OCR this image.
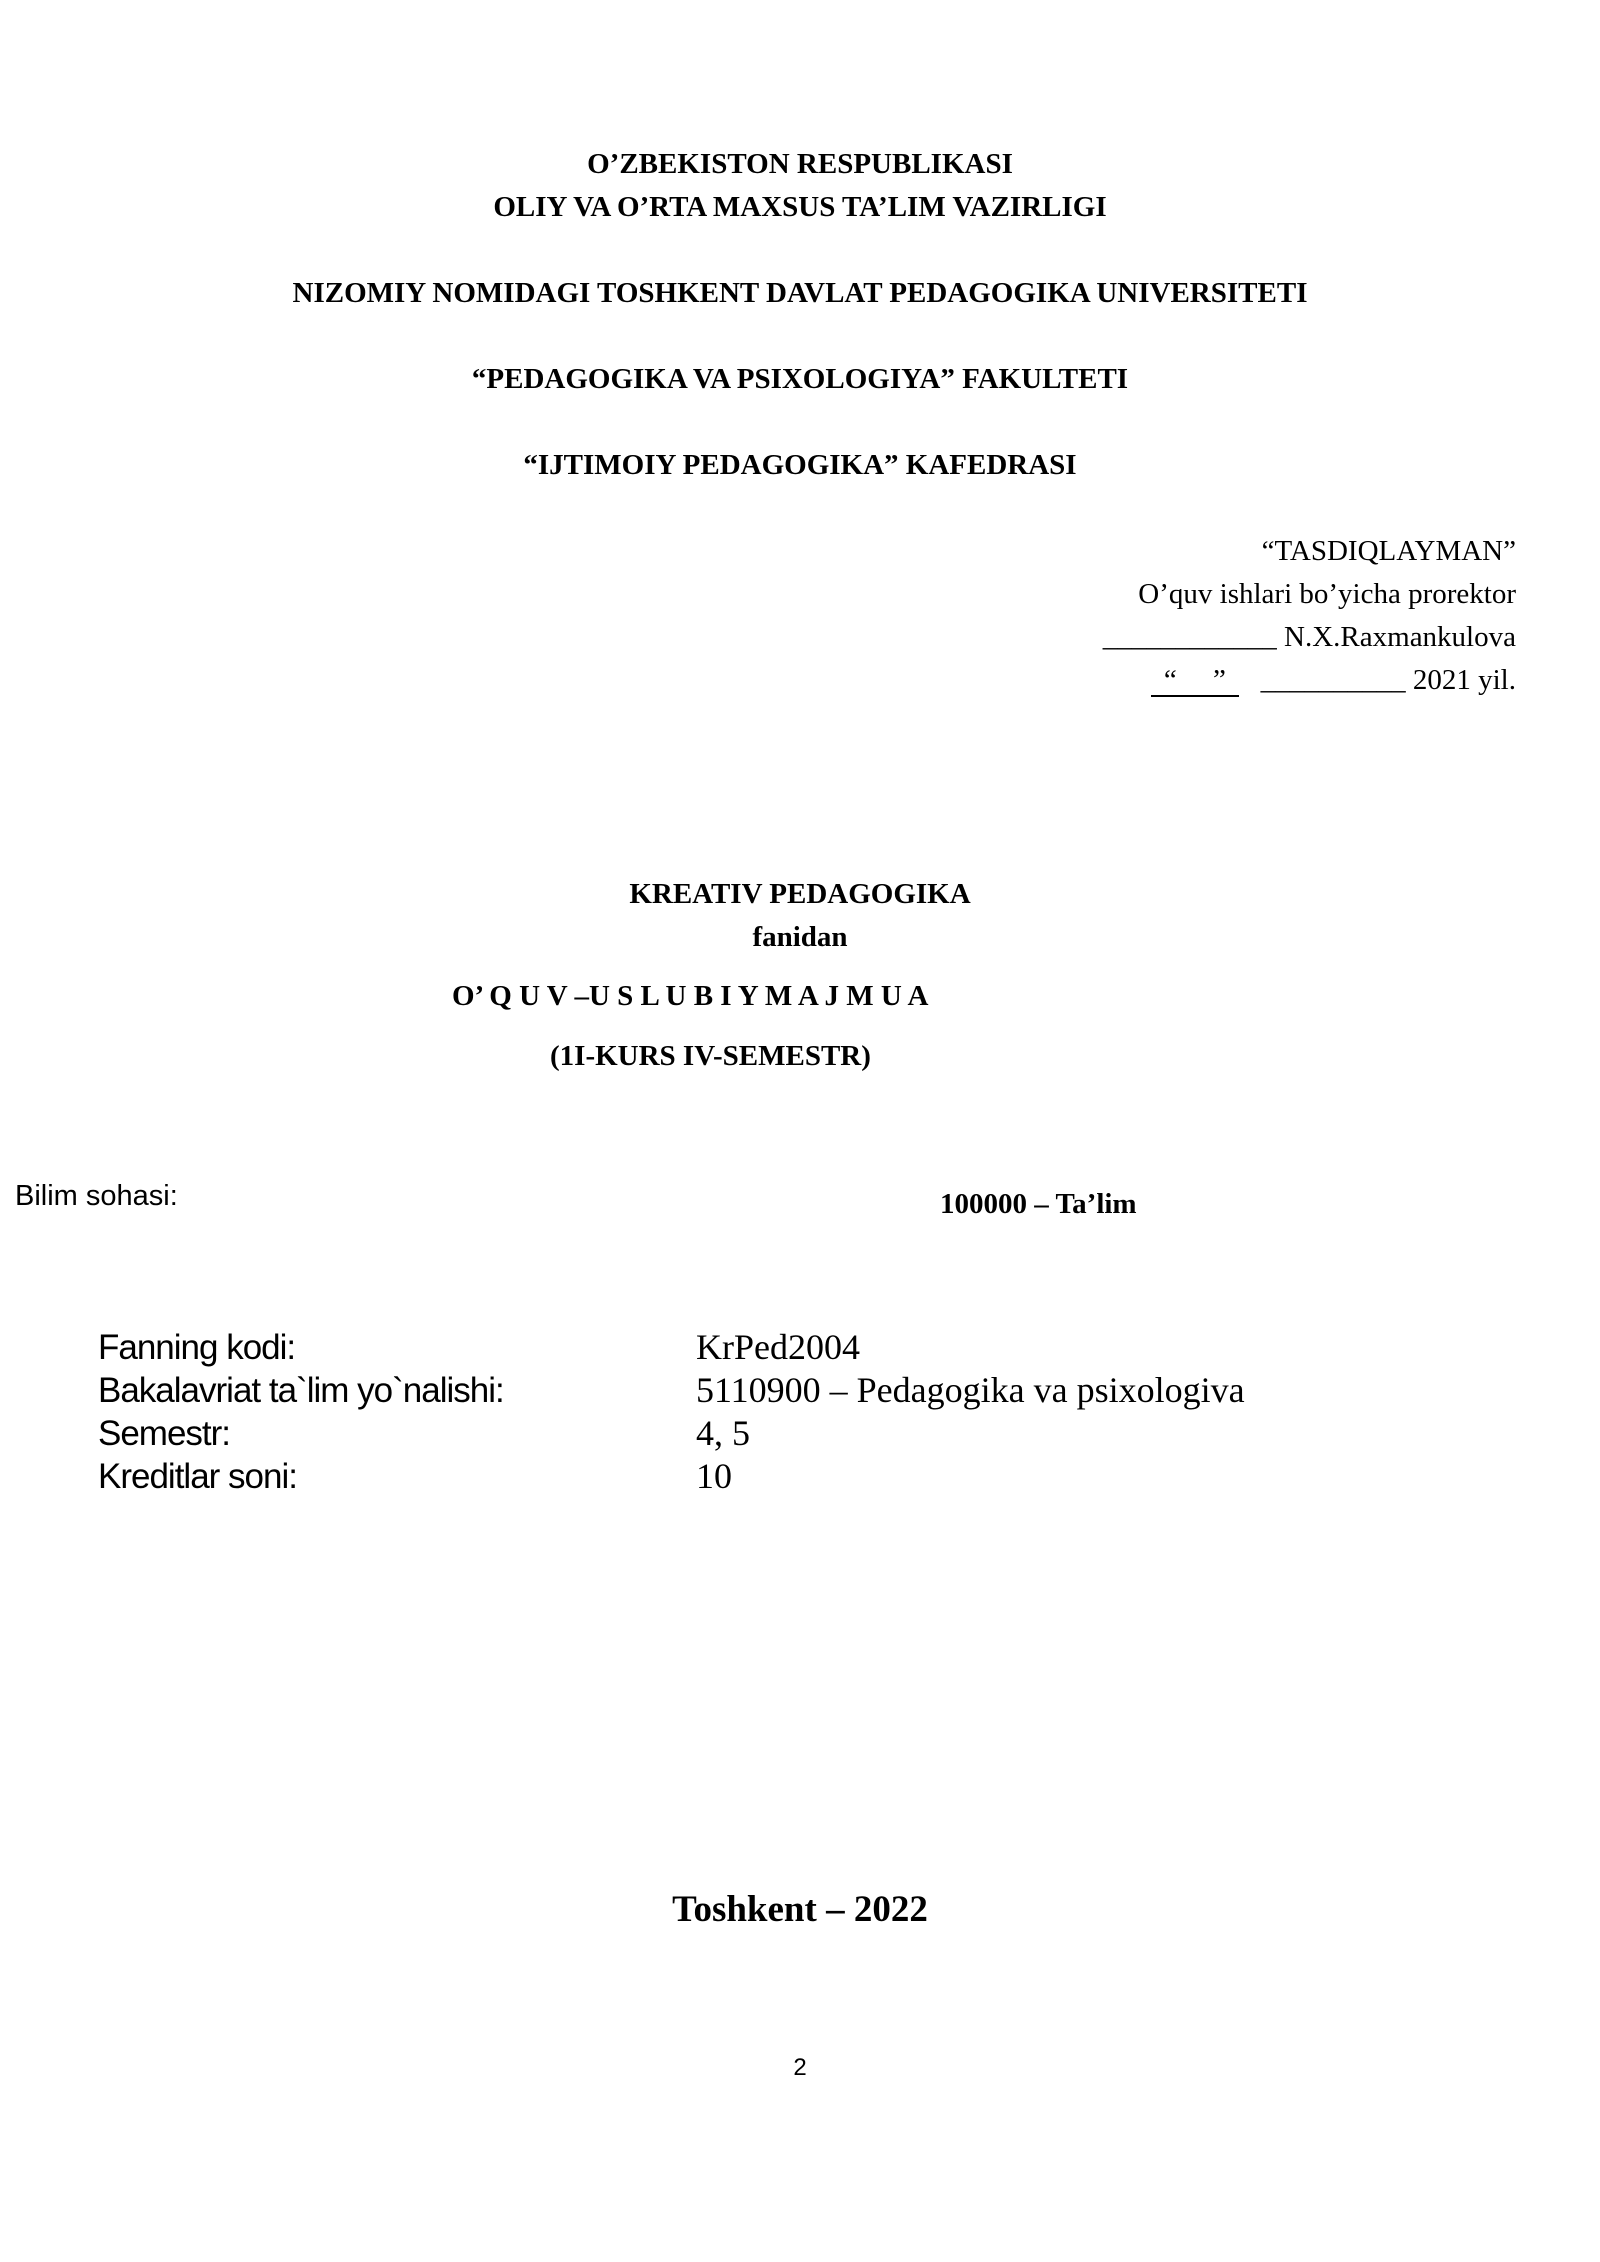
O’ZBEKISTON RESPUBLIKASI
OLIY VA O’RTA MAXSUS TA’LIM VAZIRLIGI
NIZOMIY NOMIDAGI TOSHKENT DAVLAT PEDAGOGIKA UNIVERSITETI
“PEDAGOGIKA VA PSIXOLOGIYA” FAKULTETI
“IJTIMOIY PEDAGOGIKA” KAFEDRASI
“TASDIQLAYMAN”
O’quv ishlari bo’yicha prorektor
____________ N.X.Raxmankulova
“     ” __________ 2021 yil.
KREATIV PEDAGOGIKA
fanidan
O’ Q U V –U S L U B I Y M A J M U A
(1I-KURS IV-SEMESTR)
Bilim sohasi:	100000 – Ta’lim
Fanning kodi:	KrPed2004
Bakalavriat ta`lim yo`nalishi:	5110900 – Pedagogika va psixologiva
Semestr:	4, 5
Kreditlar soni:	10
Toshkent – 2022
2
